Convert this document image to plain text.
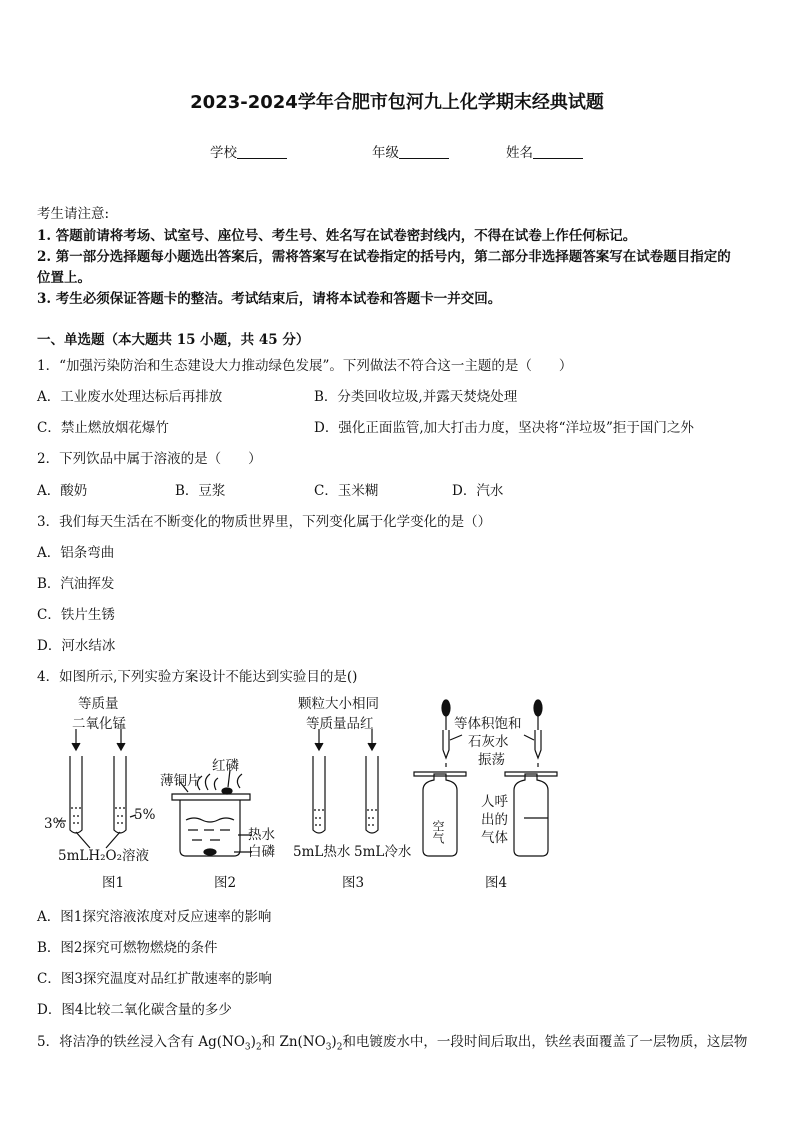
2023-2024学年合肥市包河九上化学期末经典试题
学校	年级	姓名
考生请注意:
1. 答题前请将考场、试室号、座位号、考生号、姓名写在试卷密封线内，不得在试卷上作任何标记。
2. 第一部分选择题每小题选出答案后，需将答案写在试卷指定的括号内，第二部分非选择题答案写在试卷题目指定的
位置上。
3. 考生必须保证答题卡的整洁。考试结束后，请将本试卷和答题卡一并交回。
一、单选题（本大题共 15 小题，共 45 分）
1．“加强污染防治和生态建设大力推动绿色发展”。下列做法不符合这一主题的是（　　）
A．工业废水处理达标后再排放	B．分类回收垃圾,并露天焚烧处理
C．禁止燃放烟花爆竹	D．强化正面监管,加大打击力度，坚决将“洋垃圾”拒于国门之外
2．下列饮品中属于溶液的是（　　）
A．酸奶	B．豆浆	C．玉米糊	D．汽水
3．我们每天生活在不断变化的物质世界里，下列变化属于化学变化的是（）
A．铝条弯曲
B．汽油挥发
C．铁片生锈
D．河水结冰
4．如图所示,下列实验方案设计不能达到实验目的是()
等质量
二氧化锰
3%
5%
5mLH₂O₂溶液
图1
红磷
薄铜片
热水
白磷
图2
颗粒大小相同
等质量品红
5mL热水 5mL冷水
图3
等体积饱和
石灰水
振荡
空气
人呼
出的
气体
图4
A．图1探究溶液浓度对反应速率的影响
B．图2探究可燃物燃烧的条件
C．图3探究温度对品红扩散速率的影响
D．图4比较二氧化碳含量的多少
5．将洁净的铁丝浸入含有 $Ag(NO_3)_2$和 $Zn(NO_3)_2$和电镀废水中，一段时间后取出，铁丝表面覆盖了一层物质，这层物
